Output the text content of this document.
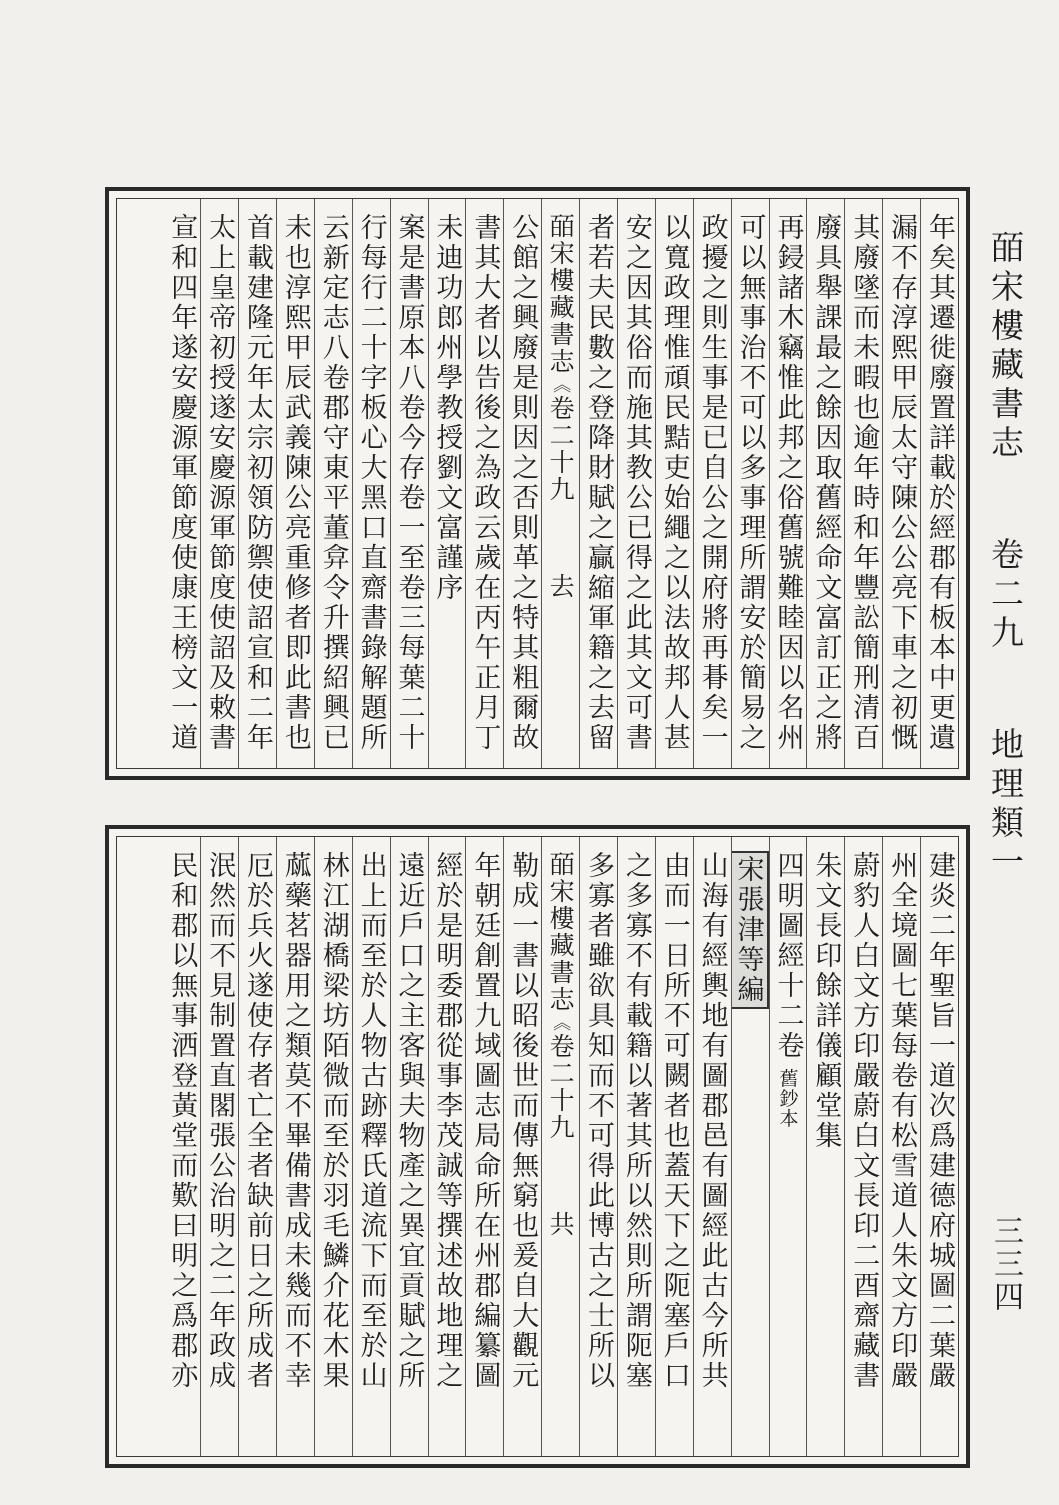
皕宋樓藏書志  卷二九  地理類一
三三四
年矣其遷徙廢置詳載於經郡有板本中更遺
漏不存淳熙甲辰太守陳公公亮下車之初慨
其廢墜而未暇也逾年時和年豐訟簡刑清百
廢具舉課最之餘因取舊經命文富訂正之將
再鋟諸木竊惟此邦之俗舊號難睦因以名州
可以無事治不可以多事理所謂安於簡易之
政擾之則生事是已自公之開府將再朞矣一
以寬政理惟頑民黠吏始繩之以法故邦人甚
安之因其俗而施其教公已得之此其文可書
者若夫民數之登降財賦之贏縮軍籍之去留
皕宋樓藏書志《卷二十九去
公館之興廢是則因之否則革之特其粗爾故
書其大者以告後之為政云歲在丙午正月丁
未迪功郎州學教授劉文富謹序
案是書原本八卷今存卷一至卷三每葉二十
行每行二十字板心大黑口直齋書錄解題所
云新定志八卷郡守東平董弇令升撰紹興已
未也淳熙甲辰武義陳公亮重修者即此書也
首載建隆元年太宗初領防禦使詔宣和二年
太上皇帝初授遂安慶源軍節度使詔及敕書
宣和四年遂安慶源軍節度使康王榜文一道
建炎二年聖旨一道次爲建德府城圖二葉嚴
州全境圖七葉每卷有松雪道人朱文方印嚴
蔚豹人白文方印嚴蔚白文長印二酉齋藏書
朱文長印餘詳儀顧堂集
四明圖經十二卷 舊鈔本
宋張津等編
山海有經輿地有圖郡邑有圖經此古今所共
由而一日所不可闕者也蓋天下之阨塞戶口
之多寡不有載籍以著其所以然則所謂阨塞
多寡者雖欲具知而不可得此博古之士所以
皕宋樓藏書志《卷二十九共
勒成一書以昭後世而傳無窮也爰自大觀元
年朝廷創置九域圖志局命所在州郡編纂圖
經於是明委郡從事李茂誠等撰述故地理之
遠近戶口之主客與夫物產之異宜貢賦之所
出上而至於人物古跡釋氏道流下而至於山
林江湖橋梁坊陌微而至於羽毛鱗介花木果
蓏藥茗器用之類莫不畢備書成未幾而不幸
厄於兵火遂使存者亡全者缺前日之所成者
泯然而不見制置直閣張公治明之二年政成
民和郡以無事洒登黃堂而歎曰明之爲郡亦
